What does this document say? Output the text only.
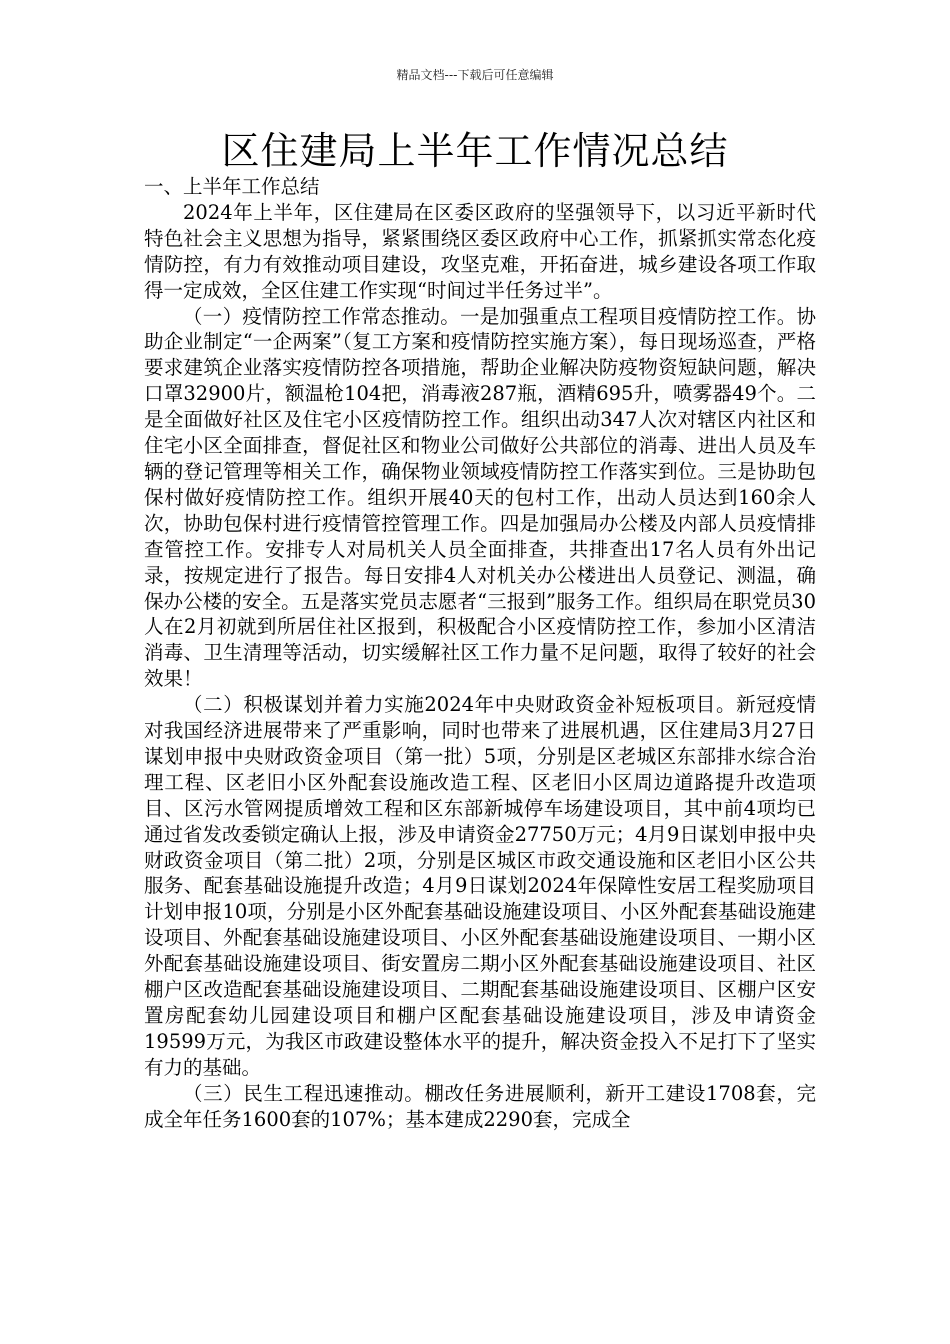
精品文档---下载后可任意编辑
区住建局上半年工作情况总结

一、上半年工作总结

2024年上半年，区住建局在区委区政府的坚强领导下，以习近平新时代特色社会主义思想为指导，紧紧围绕区委区政府中心工作，抓紧抓实常态化疫情防控，有力有效推动项目建设，攻坚克难，开拓奋进，城乡建设各项工作取得一定成效，全区住建工作实现“时间过半任务过半”。

（一）疫情防控工作常态推动。一是加强重点工程项目疫情防控工作。协助企业制定“一企两案”（复工方案和疫情防控实施方案），每日现场巡查，严格要求建筑企业落实疫情防控各项措施，帮助企业解决防疫物资短缺问题，解决口罩32900片，额温枪104把，消毒液287瓶，酒精695升，喷雾器49个。二是全面做好社区及住宅小区疫情防控工作。组织出动347人次对辖区内社区和住宅小区全面排查，督促社区和物业公司做好公共部位的消毒、进出人员及车辆的登记管理等相关工作，确保物业领域疫情防控工作落实到位。三是协助包保村做好疫情防控工作。组织开展40天的包村工作，出动人员达到160余人次，协助包保村进行疫情管控管理工作。四是加强局办公楼及内部人员疫情排查管控工作。安排专人对局机关人员全面排查，共排查出17名人员有外出记录，按规定进行了报告。每日安排4人对机关办公楼进出人员登记、测温，确保办公楼的安全。五是落实党员志愿者“三报到”服务工作。组织局在职党员30人在2月初就到所居住社区报到，积极配合小区疫情防控工作，参加小区清洁消毒、卫生清理等活动，切实缓解社区工作力量不足问题，取得了较好的社会效果！

（二）积极谋划并着力实施2024年中央财政资金补短板项目。新冠疫情对我国经济进展带来了严重影响，同时也带来了进展机遇，区住建局3月27日谋划申报中央财政资金项目（第一批）5项，分别是区老城区东部排水综合治理工程、区老旧小区外配套设施改造工程、区老旧小区周边道路提升改造项目、区污水管网提质增效工程和区东部新城停车场建设项目，其中前4项均已通过省发改委锁定确认上报，涉及申请资金27750万元；4月9日谋划申报中央财政资金项目（第二批）2项，分别是区城区市政交通设施和区老旧小区公共服务、配套基础设施提升改造；4月9日谋划2024年保障性安居工程奖励项目计划申报10项，分别是小区外配套基础设施建设项目、小区外配套基础设施建设项目、外配套基础设施建设项目、小区外配套基础设施建设项目、一期小区外配套基础设施建设项目、街安置房二期小区外配套基础设施建设项目、社区棚户区改造配套基础设施建设项目、二期配套基础设施建设项目、区棚户区安置房配套幼儿园建设项目和棚户区配套基础设施建设项目，涉及申请资金19599万元，为我区市政建设整体水平的提升，解决资金投入不足打下了坚实有力的基础。

（三）民生工程迅速推动。棚改任务进展顺利，新开工建设1708套，完成全年任务1600套的107%；基本建成2290套，完成全
